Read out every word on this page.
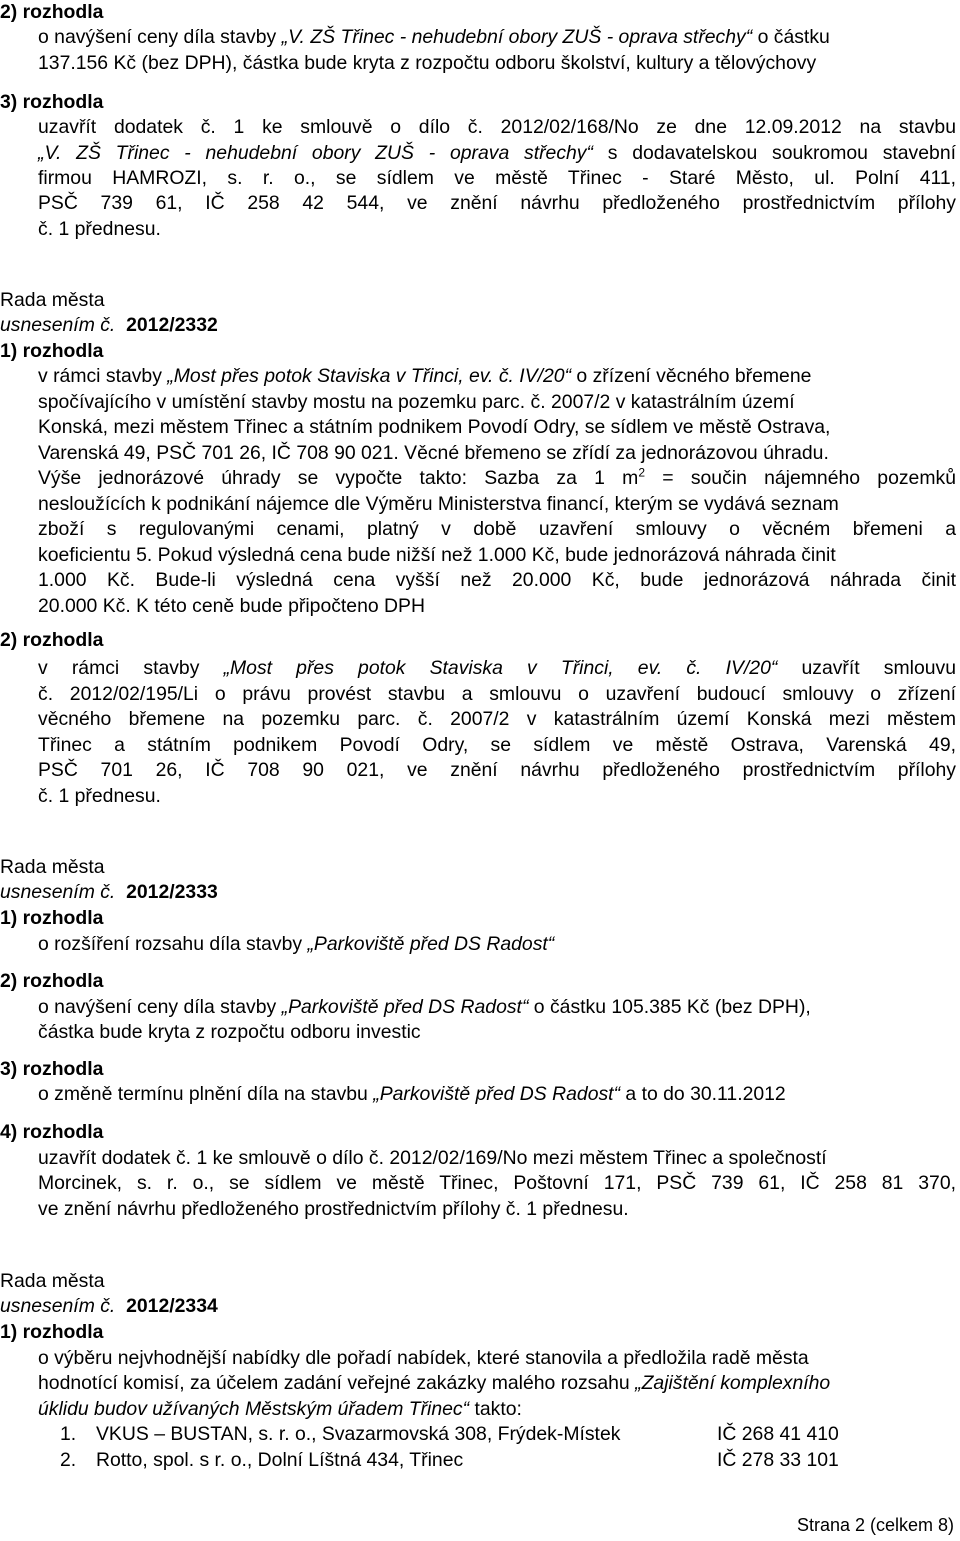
2) rozhodla
o navýšení ceny díla stavby „V. ZŠ Třinec - nehudební obory ZUŠ - oprava střechy“ o částku
137.156 Kč (bez DPH), částka bude kryta z rozpočtu odboru školství, kultury a tělovýchovy
3) rozhodla
uzavřít dodatek č. 1 ke smlouvě o dílo č. 2012/02/168/No ze dne 12.09.2012 na stavbu
„V. ZŠ Třinec - nehudební obory ZUŠ - oprava střechy“ s dodavatelskou soukromou stavební
firmou HAMROZI, s. r. o., se sídlem ve městě Třinec - Staré Město, ul. Polní 411,
PSČ 739 61, IČ 258 42 544, ve znění návrhu předloženého prostřednictvím přílohy
č. 1 přednesu.
Rada města
usnesením č. 2012/2332
1) rozhodla
v rámci stavby „Most přes potok Staviska v Třinci, ev. č. IV/20“ o zřízení věcného břemene
spočívajícího v umístění stavby mostu na pozemku parc. č. 2007/2 v katastrálním území
Konská, mezi městem Třinec a státním podnikem Povodí Odry, se sídlem ve městě Ostrava,
Varenská 49, PSČ 701 26, IČ 708 90 021. Věcné břemeno se zřídí za jednorázovou úhradu.
Výše jednorázové úhrady se vypočte takto: Sazba za 1 $m^2$ = součin nájemného pozemků
nesloužících k podnikání nájemce dle Výměru Ministerstva financí, kterým se vydává seznam
zboží s regulovanými cenami, platný v době uzavření smlouvy o věcném břemeni a
koeficientu 5. Pokud výsledná cena bude nižší než 1.000 Kč, bude jednorázová náhrada činit
1.000 Kč. Bude-li výsledná cena vyšší než 20.000 Kč, bude jednorázová náhrada činit
20.000 Kč. K této ceně bude připočteno DPH
2) rozhodla
v rámci stavby „Most přes potok Staviska v Třinci, ev. č. IV/20“ uzavřít smlouvu
č. 2012/02/195/Li o právu provést stavbu a smlouvu o uzavření budoucí smlouvy o zřízení
věcného břemene na pozemku parc. č. 2007/2 v katastrálním území Konská mezi městem
Třinec a státním podnikem Povodí Odry, se sídlem ve městě Ostrava, Varenská 49,
PSČ 701 26, IČ 708 90 021, ve znění návrhu předloženého prostřednictvím přílohy
č. 1 přednesu.
Rada města
usnesením č. 2012/2333
1) rozhodla
o rozšíření rozsahu díla stavby „Parkoviště před DS Radost“
2) rozhodla
o navýšení ceny díla stavby „Parkoviště před DS Radost“ o částku 105.385 Kč (bez DPH),
částka bude kryta z rozpočtu odboru investic
3) rozhodla
o změně termínu plnění díla na stavbu „Parkoviště před DS Radost“ a to do 30.11.2012
4) rozhodla
uzavřít dodatek č. 1 ke smlouvě o dílo č. 2012/02/169/No mezi městem Třinec a společností
Morcinek, s. r. o., se sídlem ve městě Třinec, Poštovní 171, PSČ 739 61, IČ 258 81 370,
ve znění návrhu předloženého prostřednictvím přílohy č. 1 přednesu.
Rada města
usnesením č. 2012/2334
1) rozhodla
o výběru nejvhodnější nabídky dle pořadí nabídek, které stanovila a předložila radě města
hodnotící komisí, za účelem zadání veřejné zakázky malého rozsahu „Zajištění komplexního
úklidu budov užívaných Městským úřadem Třinec“ takto:
1. VKUS – BUSTAN, s. r. o., Svazarmovská 308, Frýdek-Místek	IČ 268 41 410
2. Rotto, spol. s r. o., Dolní Líštná 434, Třinec	IČ 278 33 101
Strana 2 (celkem 8)
